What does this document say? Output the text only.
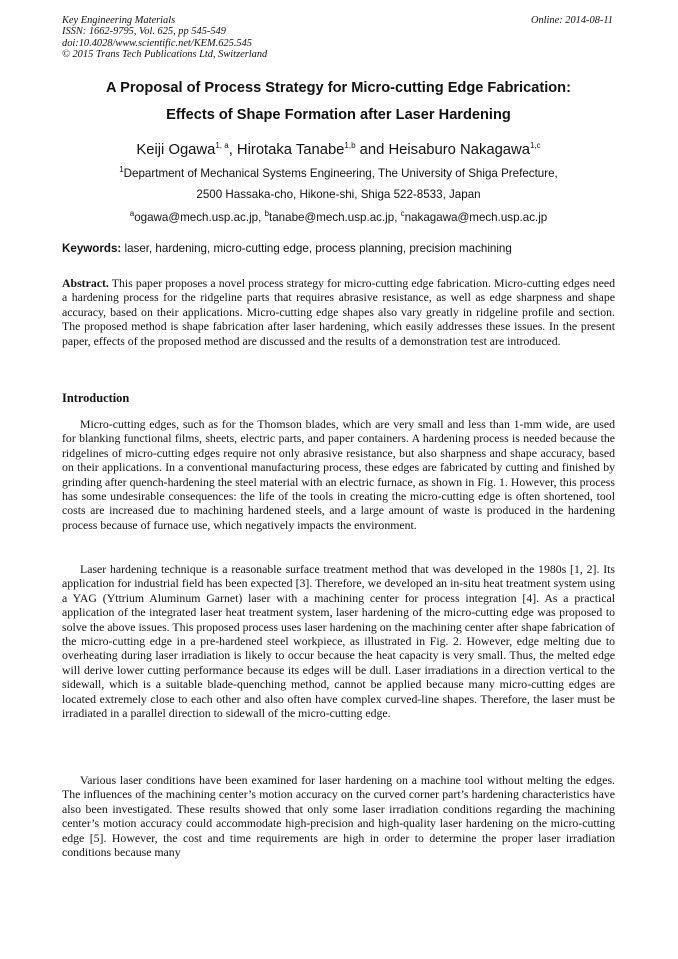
Key Engineering Materials
ISSN: 1662-9795, Vol. 625, pp 545-549
doi:10.4028/www.scientific.net/KEM.625.545
© 2015 Trans Tech Publications Ltd, Switzerland
Online: 2014-08-11
A Proposal of Process Strategy for Micro-cutting Edge Fabrication:
Effects of Shape Formation after Laser Hardening
Keiji Ogawa$^{1, a}$, Hirotaka Tanabe$^{1,b}$ and Heisaburo Nakagawa$^{1,c}$
$^1$Department of Mechanical Systems Engineering, The University of Shiga Prefecture,
2500 Hassaka-cho, Hikone-shi, Shiga 522-8533, Japan
$^a$ogawa@mech.usp.ac.jp, $^b$tanabe@mech.usp.ac.jp, $^c$nakagawa@mech.usp.ac.jp
Keywords: laser, hardening, micro-cutting edge, process planning, precision machining

Abstract. This paper proposes a novel process strategy for micro-cutting edge fabrication. Micro-cutting edges need a hardening process for the ridgeline parts that requires abrasive resistance, as well as edge sharpness and shape accuracy, based on their applications. Micro-cutting edge shapes also vary greatly in ridgeline profile and section. The proposed method is shape fabrication after laser hardening, which easily addresses these issues. In the present paper, effects of the proposed method are discussed and the results of a demonstration test are introduced.

Introduction

Micro-cutting edges, such as for the Thomson blades, which are very small and less than 1-mm wide, are used for blanking functional films, sheets, electric parts, and paper containers. A hardening process is needed because the ridgelines of micro-cutting edges require not only abrasive resistance, but also sharpness and shape accuracy, based on their applications. In a conventional manufacturing process, these edges are fabricated by cutting and finished by grinding after quench-hardening the steel material with an electric furnace, as shown in Fig. 1. However, this process has some undesirable consequences: the life of the tools in creating the micro-cutting edge is often shortened, tool costs are increased due to machining hardened steels, and a large amount of waste is produced in the hardening process because of furnace use, which negatively impacts the environment.

Laser hardening technique is a reasonable surface treatment method that was developed in the 1980s [1, 2]. Its application for industrial field has been expected [3]. Therefore, we developed an in-situ heat treatment system using a YAG (Yttrium Aluminum Garnet) laser with a machining center for process integration [4]. As a practical application of the integrated laser heat treatment system, laser hardening of the micro-cutting edge was proposed to solve the above issues. This proposed process uses laser hardening on the machining center after shape fabrication of the micro-cutting edge in a pre-hardened steel workpiece, as illustrated in Fig. 2. However, edge melting due to overheating during laser irradiation is likely to occur because the heat capacity is very small. Thus, the melted edge will derive lower cutting performance because its edges will be dull. Laser irradiations in a direction vertical to the sidewall, which is a suitable blade-quenching method, cannot be applied because many micro-cutting edges are located extremely close to each other and also often have complex curved-line shapes. Therefore, the laser must be irradiated in a parallel direction to sidewall of the micro-cutting edge.

Various laser conditions have been examined for laser hardening on a machine tool without melting the edges. The influences of the machining center’s motion accuracy on the curved corner part’s hardening characteristics have also been investigated. These results showed that only some laser irradiation conditions regarding the machining center’s motion accuracy could accommodate high-precision and high-quality laser hardening on the micro-cutting edge [5]. However, the cost and time requirements are high in order to determine the proper laser irradiation conditions because many
